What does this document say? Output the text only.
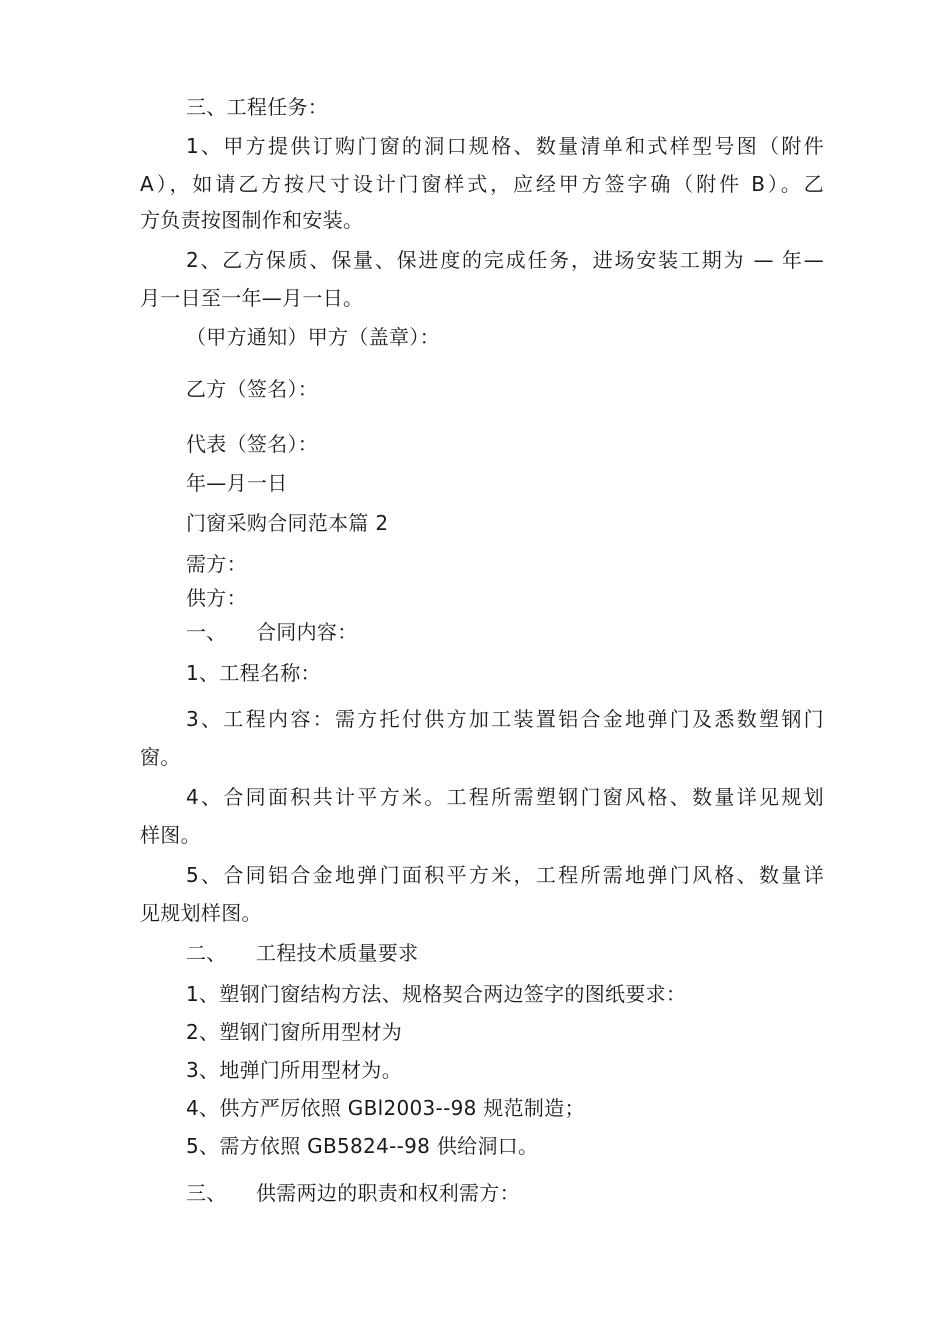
三、工程任务：
1、甲方提供订购门窗的洞口规格、数量清单和式样型号图（附件
A），如请乙方按尺寸设计门窗样式，应经甲方签字确（附件 B）。乙
方负责按图制作和安装。
2、乙方保质、保量、保进度的完成任务，进场安装工期为 — 年—
月一日至一年—月一日。
（甲方通知）甲方（盖章）：
乙方（签名）：
代表（签名）：
年—月一日
门窗采购合同范本篇 2
需方：
供方：
一、 合同内容：
1、工程名称：
3、工程内容：需方托付供方加工装置铝合金地弹门及悉数塑钢门
窗。
4、合同面积共计平方米。工程所需塑钢门窗风格、数量详见规划
样图。
5、合同铝合金地弹门面积平方米，工程所需地弹门风格、数量详
见规划样图。
二、 工程技术质量要求
1、塑钢门窗结构方法、规格契合两边签字的图纸要求：
2、塑钢门窗所用型材为
3、地弹门所用型材为。
4、供方严厉依照 GBl2003--98 规范制造；
5、需方依照 GB5824--98 供给洞口。
三、 供需两边的职责和权利需方：
